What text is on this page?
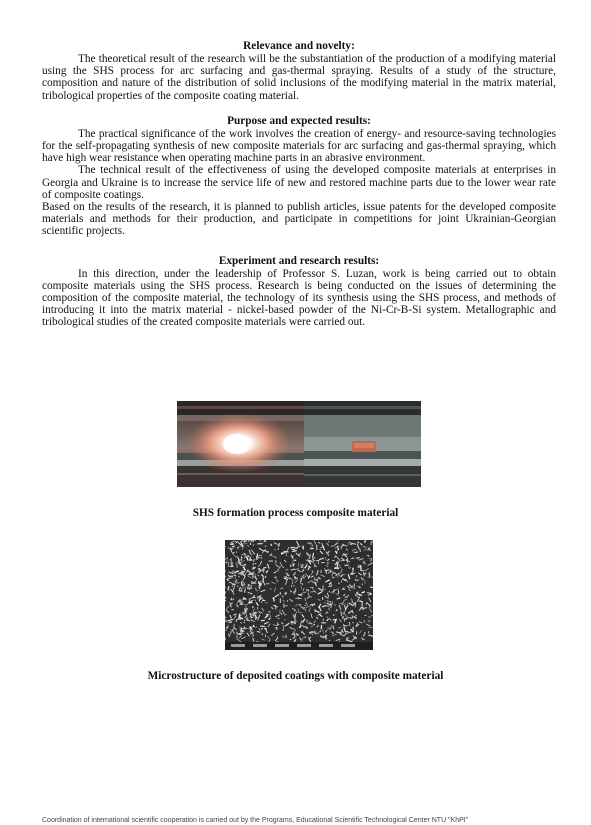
Relevance and novelty:

The theoretical result of the research will be the substantiation of the production of a modifying material using the SHS process for arc surfacing and gas-thermal spraying. Results of a study of the structure, composition and nature of the distribution of solid inclusions of the modifying material in the matrix material, tribological properties of the composite coating material.

Purpose and expected results:

The practical significance of the work involves the creation of energy- and resource-saving technologies for the self-propagating synthesis of new composite materials for arc surfacing and gas-thermal spraying, which have high wear resistance when operating machine parts in an abrasive environment.

The technical result of the effectiveness of using the developed composite materials at enterprises in Georgia and Ukraine is to increase the service life of new and restored machine parts due to the lower wear rate of composite coatings.

Based on the results of the research, it is planned to publish articles, issue patents for the developed composite materials and methods for their production, and participate in competitions for joint Ukrainian-Georgian scientific projects.

Experiment and research results:

In this direction, under the leadership of Professor S. Luzan, work is being carried out to obtain composite materials using the SHS process. Research is being conducted on the issues of determining the composition of the composite material, the technology of its synthesis using the SHS process, and methods of introducing it into the matrix material - nickel-based powder of the Ni-Cr-B-Si system. Metallographic and tribological studies of the created composite materials were carried out.

SHS formation process composite material

Microstructure of deposited coatings with composite material

Coordination of international scientific cooperation is carried out by the Programs, Educational Scientific Technological Center NTU "KhPI"
